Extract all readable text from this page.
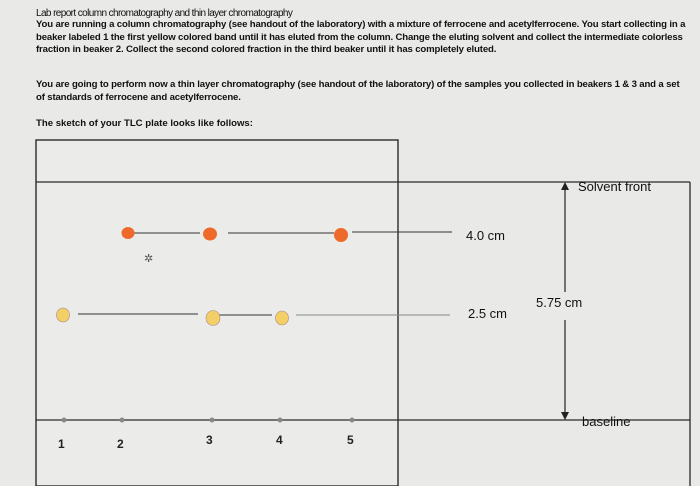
Lab report column chromatography and thin layer chromatography
You are running a column chromatography (see handout of the laboratory) with a mixture of ferrocene and acetylferrocene. You start collecting in a beaker labeled 1 the first yellow colored band until it has eluted from the column. Change the eluting solvent and collect the intermediate colorless fraction in beaker 2. Collect the second colored fraction in the third beaker until it has completely eluted.
You are going to perform now a thin layer chromatography (see handout of the laboratory) of the samples you collected in beakers 1 & 3 and a set of standards of ferrocene and acetylferrocene.
The sketch of your TLC plate looks like follows:
✲
Solvent front
4.0 cm
5.75 cm
2.5 cm
baseline
1	2	3	4	5
